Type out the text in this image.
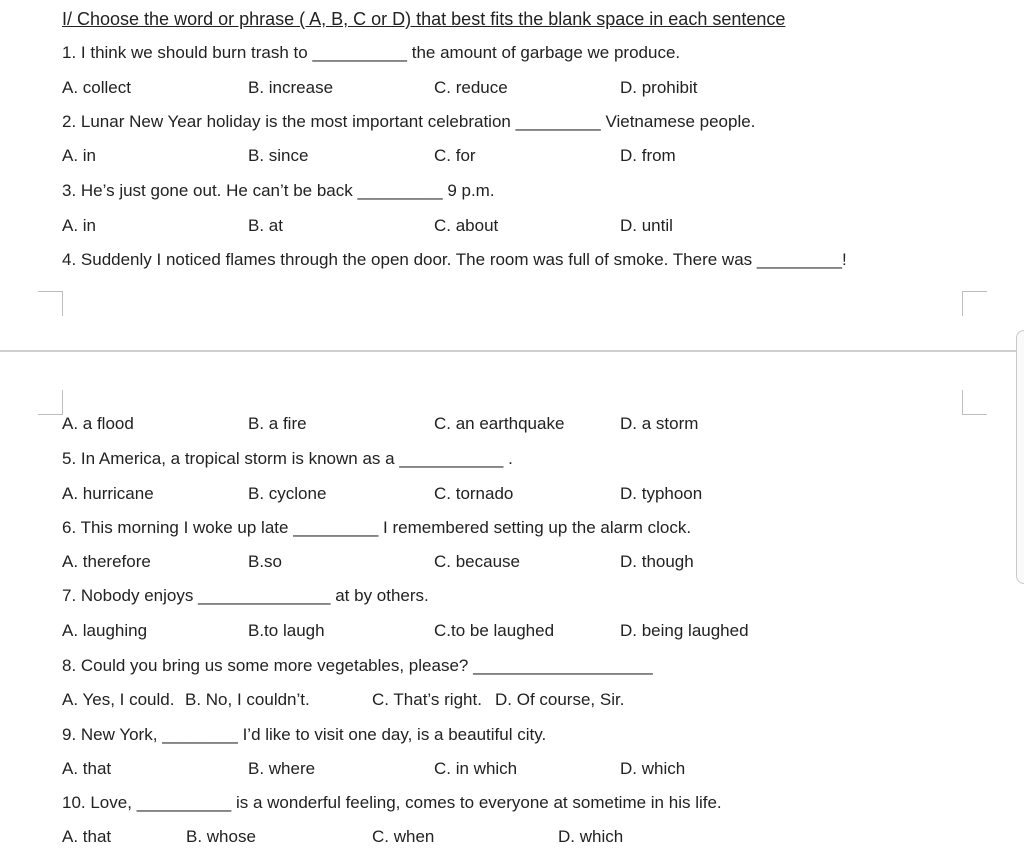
I/ Choose the word or phrase ( A, B, C or D) that best fits the blank space in each sentence
1. I think we should burn trash to __________ the amount of garbage we produce.
A. collect	B. increase	C. reduce	D. prohibit
2. Lunar New Year holiday is the most important celebration _________ Vietnamese people.
A. in	B. since	C. for	D. from
3. He’s just gone out. He can’t be back _________ 9 p.m.
A. in	B. at	C. about	D. until
4. Suddenly I noticed flames through the open door. The room was full of smoke. There was _________!
A. a flood	B. a fire	C. an earthquake	D. a storm
5. In America, a tropical storm is known as a ___________ .
A. hurricane	B. cyclone	C. tornado	D. typhoon
6. This morning I woke up late _________ I remembered setting up the alarm clock.
A. therefore	B.so	C. because	D. though
7. Nobody enjoys ______________ at by others.
A. laughing	B.to laugh	C.to be laughed	D. being laughed
8. Could you bring us some more vegetables, please? ___________________
A. Yes, I could. B. No, I couldn’t.	C. That’s right. D. Of course, Sir.
9. New York, ________ I’d like to visit one day, is a beautiful city.
A. that	B. where	C. in which	D. which
10. Love, __________ is a wonderful feeling, comes to everyone at sometime in his life.
A. that	B. whose	C. when	D. which
